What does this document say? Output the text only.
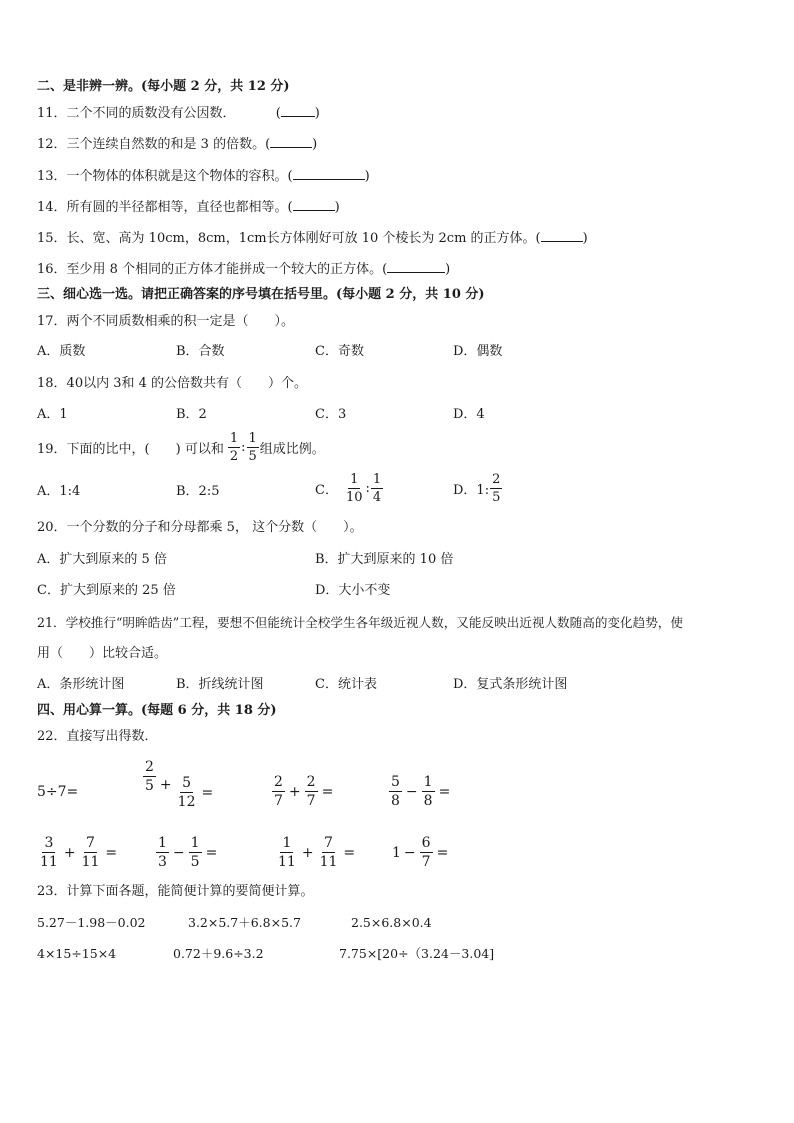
二、是非辨一辨。(每小题 2 分，共 12 分)
11．二个不同的质数没有公因数．	(	)
12．三个连续自然数的和是 3 的倍数。(	)
13．一个物体的体积就是这个物体的容积。(	)
14．所有圆的半径都相等，直径也都相等。(	)
15．长、宽、高为 10cm，8cm，1cm长方体刚好可放 10 个棱长为 2cm 的正方体。(	)
16．至少用 8 个相同的正方体才能拼成一个较大的正方体。(	)
三、细心选一选。请把正确答案的序号填在括号里。(每小题 2 分，共 10 分)
17．两个不同质数相乘的积一定是（　　）。
A．质数	B．合数	C．奇数	D．偶数
18．40以内 3和 4 的公倍数共有（　　）个。
A．1	B．2	C．3	D．4
19．下面的比中，(　　) 可以和 $\frac{1}{2}$ : $\frac{1}{5}$ 组成比例。
A．1:4	B．2:5	C． $\frac{1}{10}$ : $\frac{1}{4}$	D．1: $\frac{2}{5}$
20．一个分数的分子和分母都乘 5， 这个分数（　　）。
A．扩大到原来的 5 倍	B．扩大到原来的 10 倍
C．扩大到原来的 25 倍	D．大小不变
21．学校推行“明眸皓齿”工程，要想不但能统计全校学生各年级近视人数，又能反映出近视人数随高的变化趋势，使
用（　　）比较合适。
A．条形统计图	B．折线统计图	C．统计表	D．复式条形统计图
四、用心算一算。(每题 6 分，共 18 分)
22．直接写出得数．
5÷7=	$\frac{2}{5} + \frac{5}{12}$ =	$\frac{2}{7} + \frac{2}{7}$ =	$\frac{5}{8} - \frac{1}{8}$ =
$\frac{3}{11} + \frac{7}{11}$ =	$\frac{1}{3} - \frac{1}{5}$ =	$\frac{1}{11} + \frac{7}{11}$ =	$1 - \frac{6}{7}$ =
23．计算下面各题，能简便计算的要简便计算。
5.27－1.98－0.02	3.2×5.7＋6.8×5.7	2.5×6.8×0.4
4×15÷15×4	0.72＋9.6÷3.2	7.75×[20÷（3.24－3.04]
